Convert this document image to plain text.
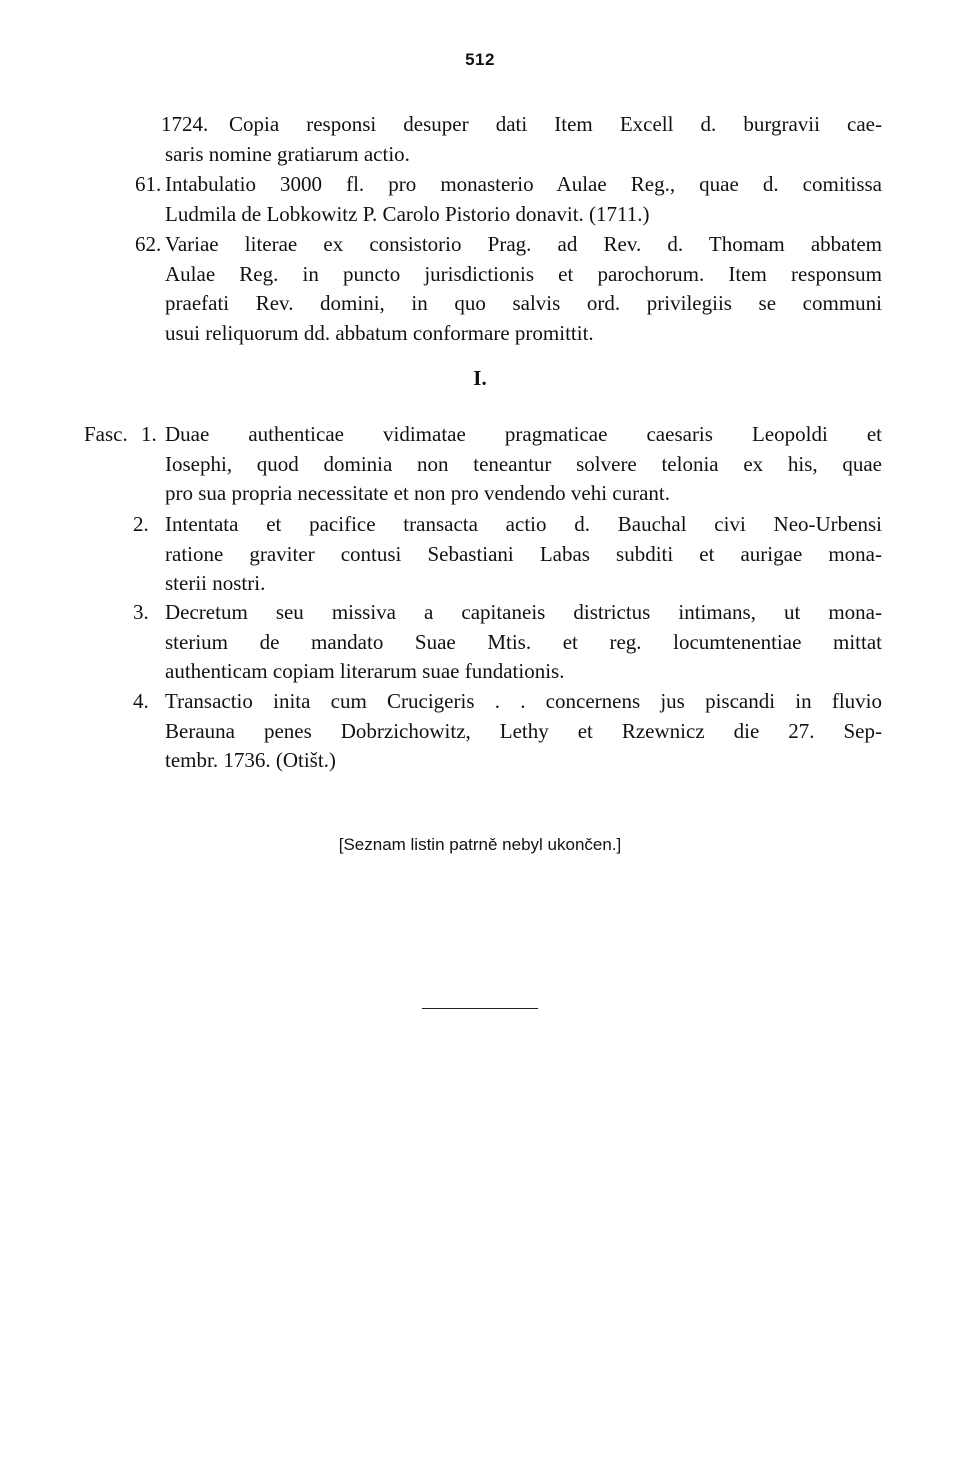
512
1724. Copia responsi desuper dati Item Excell d. burgravii cae-
saris nomine gratiarum actio.
61. Intabulatio 3000 fl. pro monasterio Aulae Reg., quae d. comitissa
Ludmila de Lobkowitz P. Carolo Pistorio donavit. (1711.)
62. Variae literae ex consistorio Prag. ad Rev. d. Thomam abbatem
Aulae Reg. in puncto jurisdictionis et parochorum. Item responsum
praefati Rev. domini, in quo salvis ord. privilegiis se communi
usui reliquorum dd. abbatum conformare promittit.
I.
Fasc. 1. Duae authenticae vidimatae pragmaticae caesaris Leopoldi et
Iosephi, quod dominia non teneantur solvere telonia ex his, quae
pro sua propria necessitate et non pro vendendo vehi curant.
2. Intentata et pacifice transacta actio d. Bauchal civi Neo-Urbensi
ratione graviter contusi Sebastiani Labas subditi et aurigae mona-
sterii nostri.
3. Decretum seu missiva a capitaneis districtus intimans, ut mona-
sterium de mandato Suae Mtis. et reg. locumtenentiae mittat
authenticam copiam literarum suae fundationis.
4. Transactio inita cum Crucigeris . . concernens jus piscandi in fluvio
Berauna penes Dobrzichowitz, Lethy et Rzewnicz die 27. Sep-
tembr. 1736. (Otišt.)
[Seznam listin patrně nebyl ukončen.]
